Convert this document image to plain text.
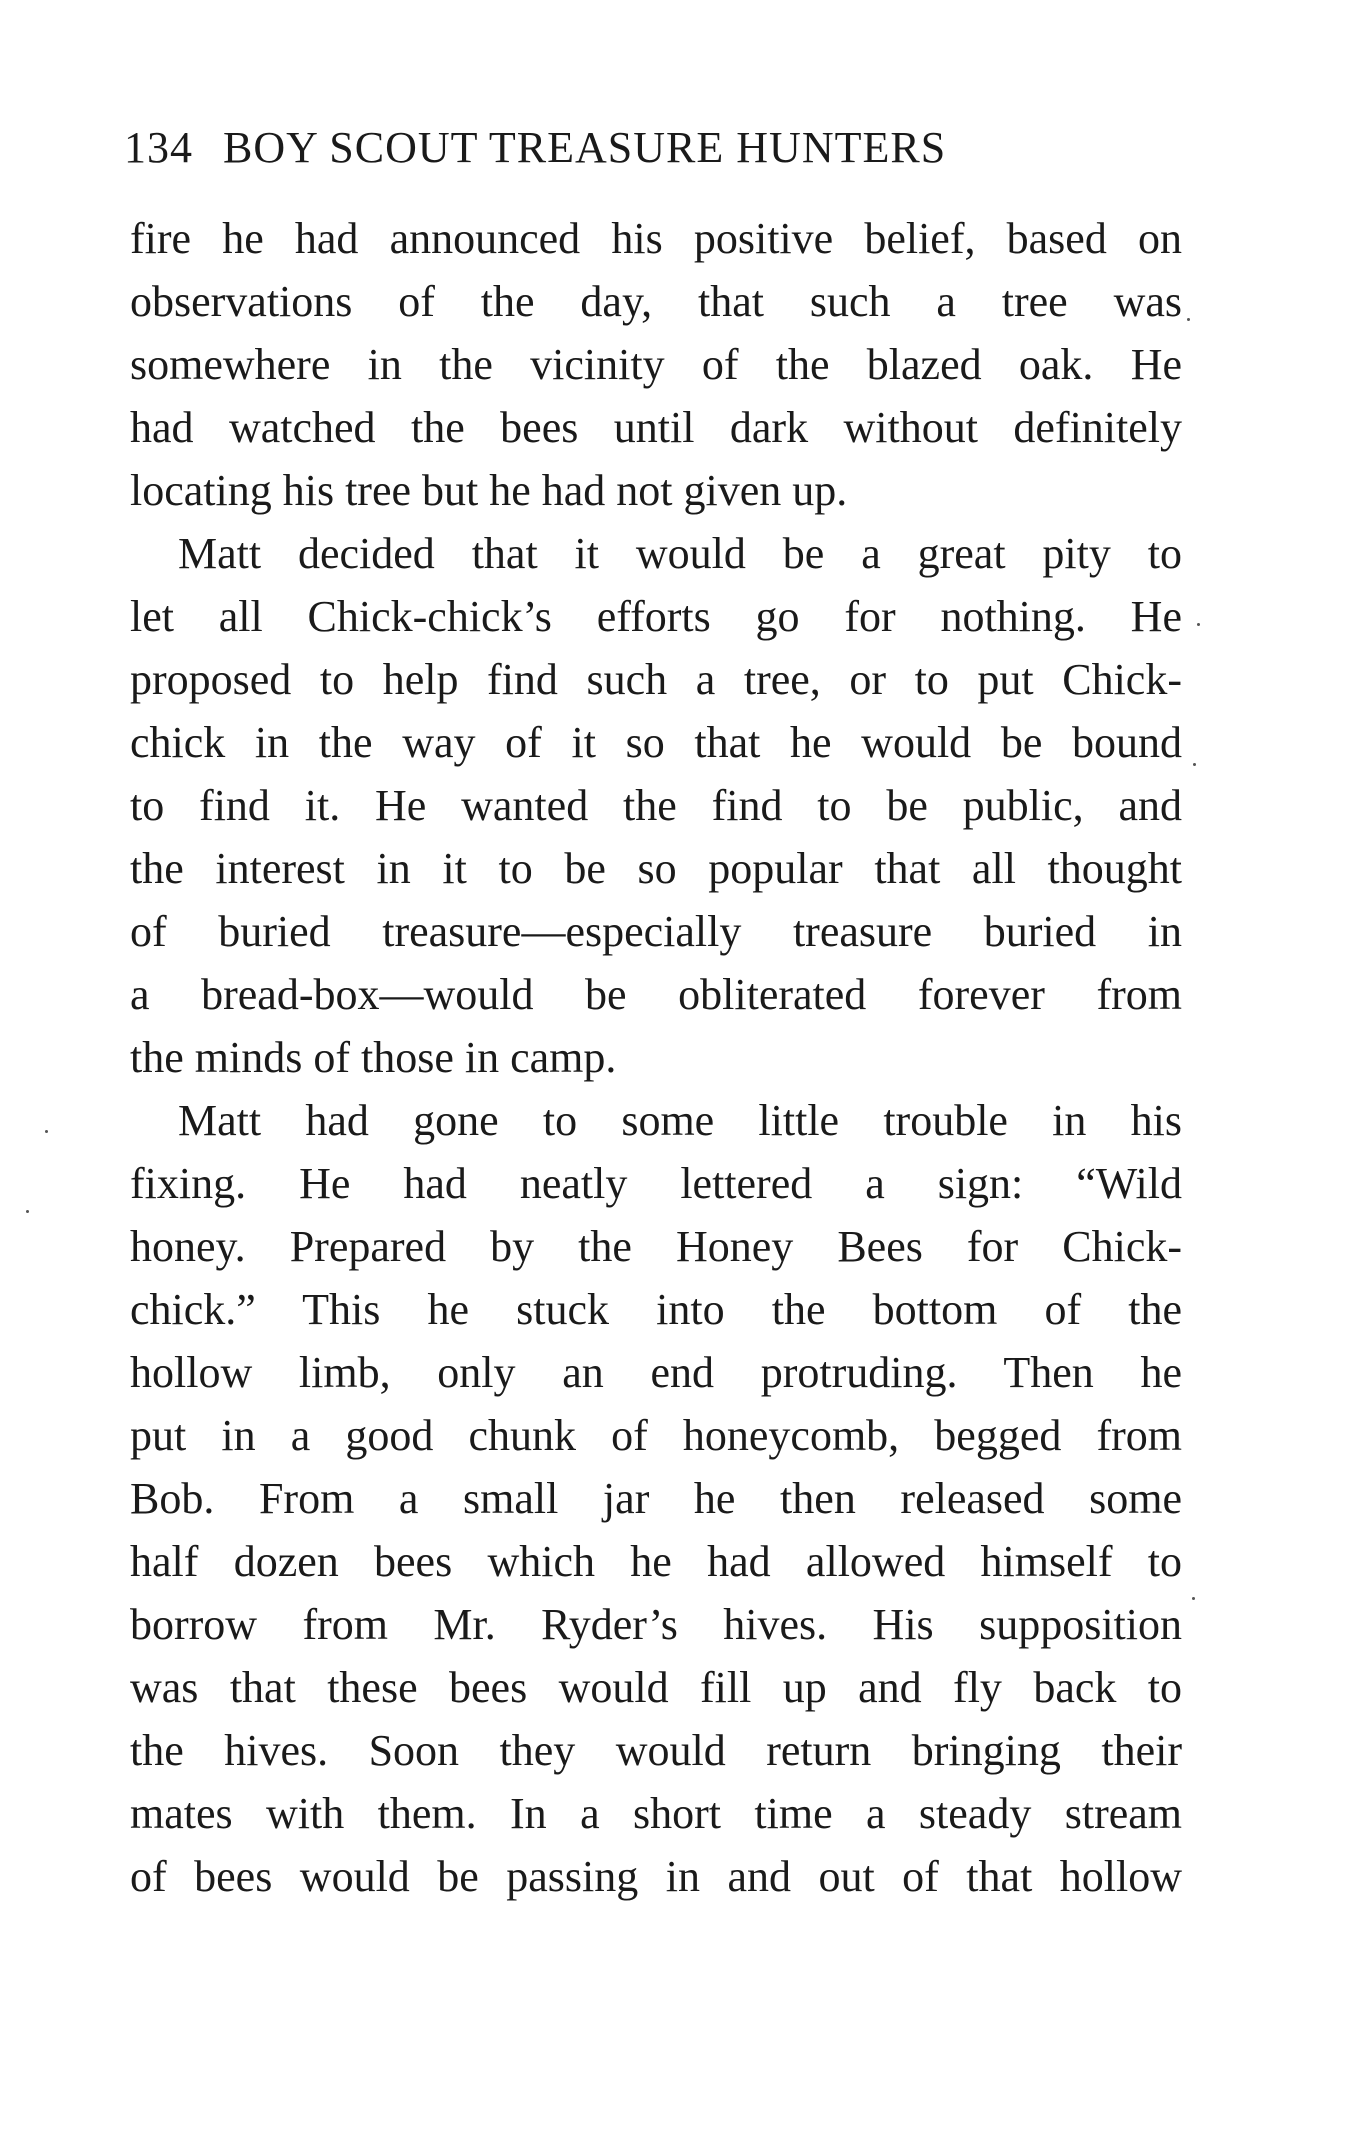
134 BOY SCOUT TREASURE HUNTERS
fire he had announced his positive belief, based on
observations of the day, that such a tree was
somewhere in the vicinity of the blazed oak. He
had watched the bees until dark without definitely
locating his tree but he had not given up.
Matt decided that it would be a great pity to
let all Chick-chick’s efforts go for nothing. He
proposed to help find such a tree, or to put Chick-
chick in the way of it so that he would be bound
to find it. He wanted the find to be public, and
the interest in it to be so popular that all thought
of buried treasure—especially treasure buried in
a bread-box—would be obliterated forever from
the minds of those in camp.
Matt had gone to some little trouble in his
fixing. He had neatly lettered a sign: “Wild
honey. Prepared by the Honey Bees for Chick-
chick.” This he stuck into the bottom of the
hollow limb, only an end protruding. Then he
put in a good chunk of honeycomb, begged from
Bob. From a small jar he then released some
half dozen bees which he had allowed himself to
borrow from Mr. Ryder’s hives. His supposition
was that these bees would fill up and fly back to
the hives. Soon they would return bringing their
mates with them. In a short time a steady stream
of bees would be passing in and out of that hollow
